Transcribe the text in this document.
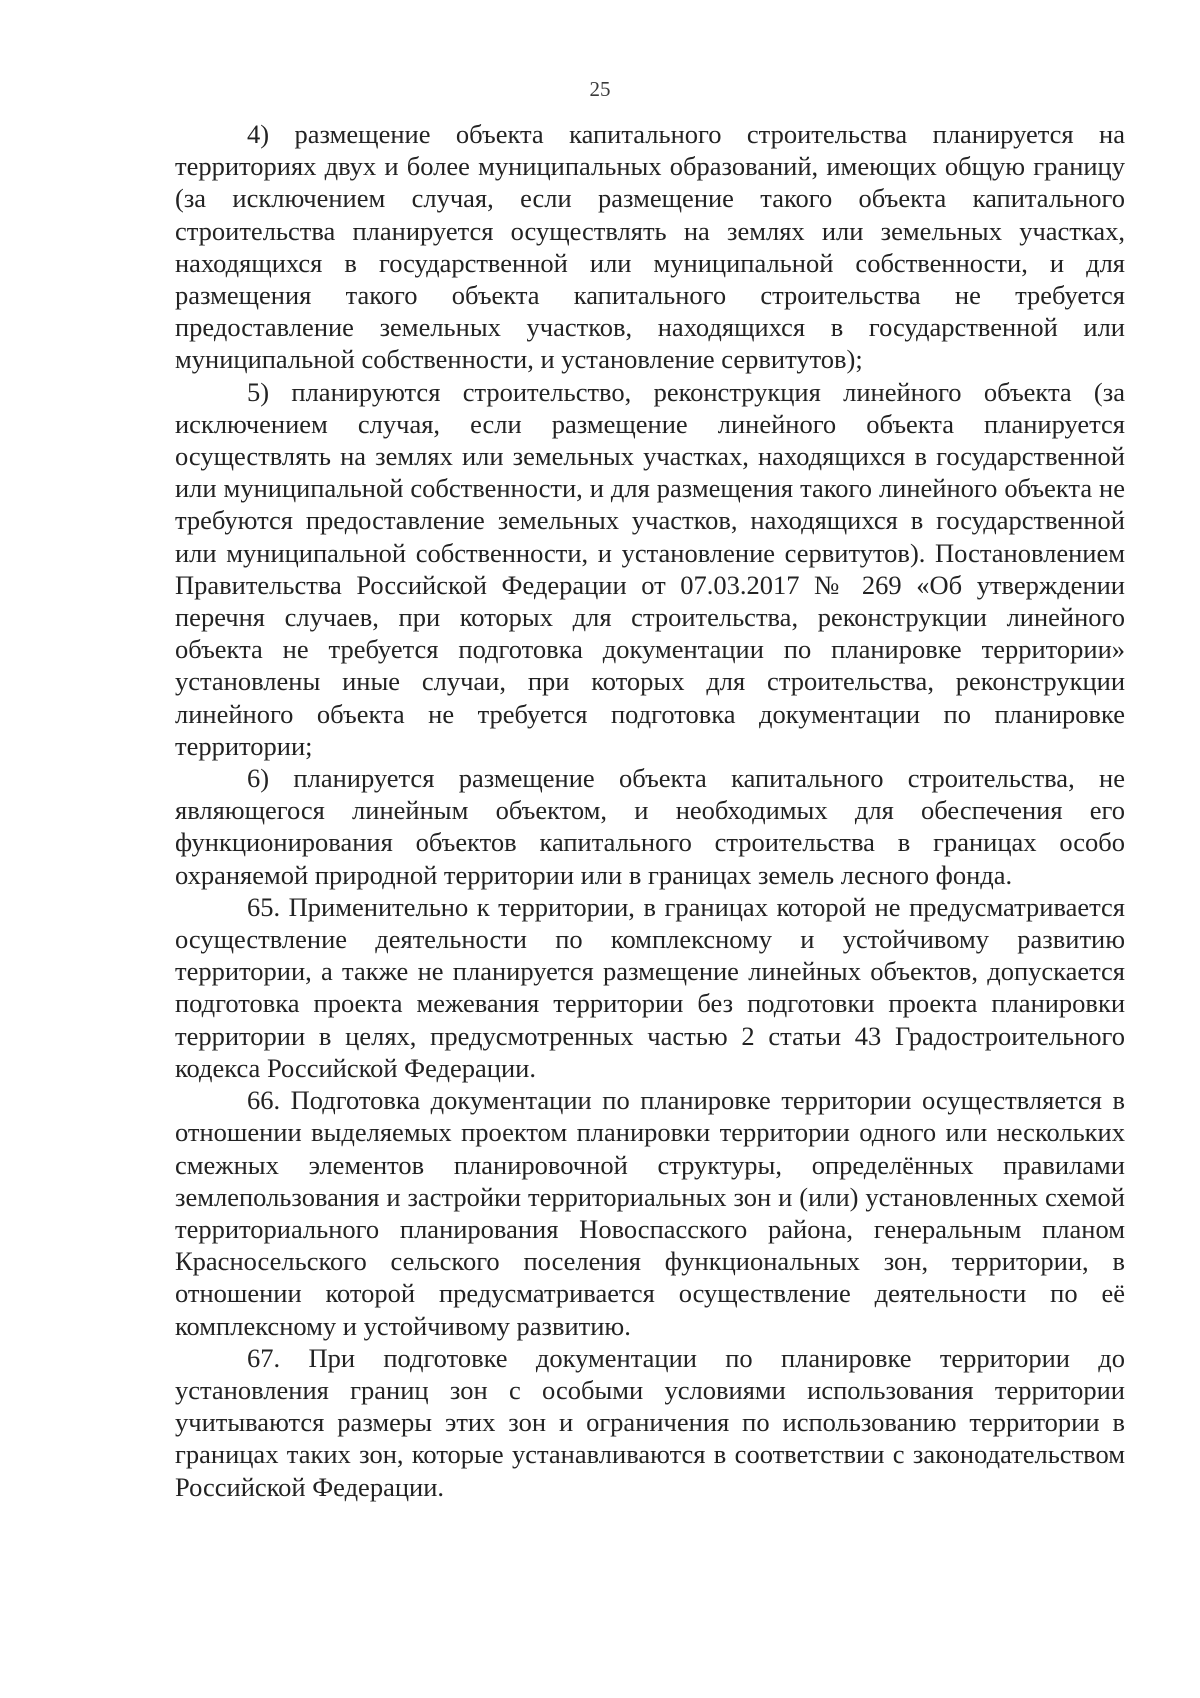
25

4) размещение объекта капитального строительства планируется на территориях двух и более муниципальных образований, имеющих общую границу (за исключением случая, если размещение такого объекта капитального строительства планируется осуществлять на землях или земельных участках, находящихся в государственной или муниципальной собственности, и для размещения такого объекта капитального строительства не требуется предоставление земельных участков, находящихся в государственной или муниципальной собственности, и установление сервитутов);

5) планируются строительство, реконструкция линейного объекта (за исключением случая, если размещение линейного объекта планируется осуществлять на землях или земельных участках, находящихся в государственной или муниципальной собственности, и для размещения такого линейного объекта не требуются предоставление земельных участков, находящихся в государственной или муниципальной собственности, и установление сервитутов). Постановлением Правительства Российской Федерации от 07.03.2017 № 269 «Об утверждении перечня случаев, при которых для строительства, реконструкции линейного объекта не требуется подготовка документации по планировке территории» установлены иные случаи, при которых для строительства, реконструкции линейного объекта не требуется подготовка документации по планировке территории;

6) планируется размещение объекта капитального строительства, не являющегося линейным объектом, и необходимых для обеспечения его функционирования объектов капитального строительства в границах особо охраняемой природной территории или в границах земель лесного фонда.

65. Применительно к территории, в границах которой не предусматривается осуществление деятельности по комплексному и устойчивому развитию территории, а также не планируется размещение линейных объектов, допускается подготовка проекта межевания территории без подготовки проекта планировки территории в целях, предусмотренных частью 2 статьи 43 Градостроительного кодекса Российской Федерации.

66. Подготовка документации по планировке территории осуществляется в отношении выделяемых проектом планировки территории одного или нескольких смежных элементов планировочной структуры, определённых правилами землепользования и застройки территориальных зон и (или) установленных схемой территориального планирования Новоспасского района, генеральным планом Красносельского сельского поселения функциональных зон, территории, в отношении которой предусматривается осуществление деятельности по её комплексному и устойчивому развитию.

67. При подготовке документации по планировке территории до установления границ зон с особыми условиями использования территории учитываются размеры этих зон и ограничения по использованию территории в границах таких зон, которые устанавливаются в соответствии с законодательством Российской Федерации.
